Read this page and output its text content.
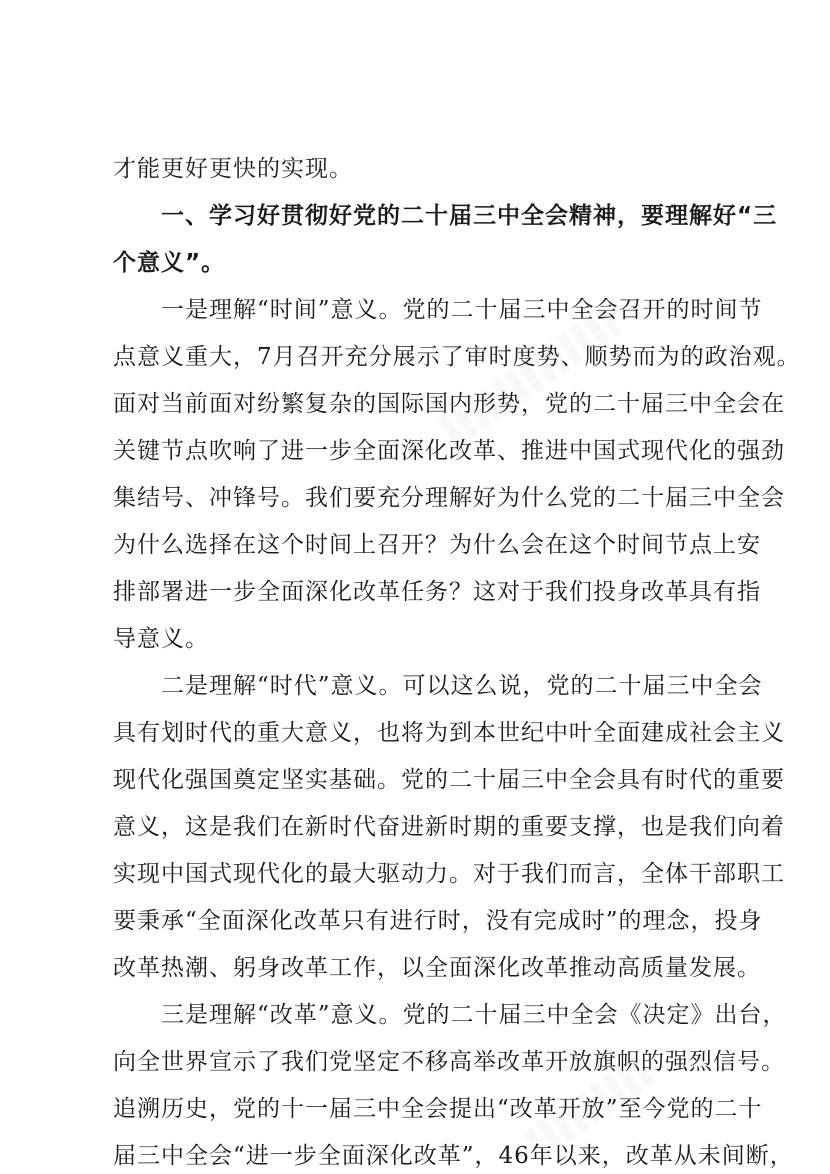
才能更好更快的实现。
一、学习好贯彻好党的二十届三中全会精神，要理解好“三
个意义”。
一是理解“时间”意义。党的二十届三中全会召开的时间节
点意义重大，7月召开充分展示了审时度势、顺势而为的政治观。
面对当前面对纷繁复杂的国际国内形势，党的二十届三中全会在
关键节点吹响了进一步全面深化改革、推进中国式现代化的强劲
集结号、冲锋号。我们要充分理解好为什么党的二十届三中全会
为什么选择在这个时间上召开？为什么会在这个时间节点上安
排部署进一步全面深化改革任务？这对于我们投身改革具有指
导意义。
二是理解“时代”意义。可以这么说，党的二十届三中全会
具有划时代的重大意义，也将为到本世纪中叶全面建成社会主义
现代化强国奠定坚实基础。党的二十届三中全会具有时代的重要
意义，这是我们在新时代奋进新时期的重要支撑，也是我们向着
实现中国式现代化的最大驱动力。对于我们而言，全体干部职工
要秉承“全面深化改革只有进行时，没有完成时”的理念，投身
改革热潮、躬身改革工作，以全面深化改革推动高质量发展。
三是理解“改革”意义。党的二十届三中全会《决定》出台，
向全世界宣示了我们党坚定不移高举改革开放旗帜的强烈信号。
追溯历史，党的十一届三中全会提出“改革开放”至今党的二十
届三中全会“进一步全面深化改革”，46年以来，改革从未间断，
